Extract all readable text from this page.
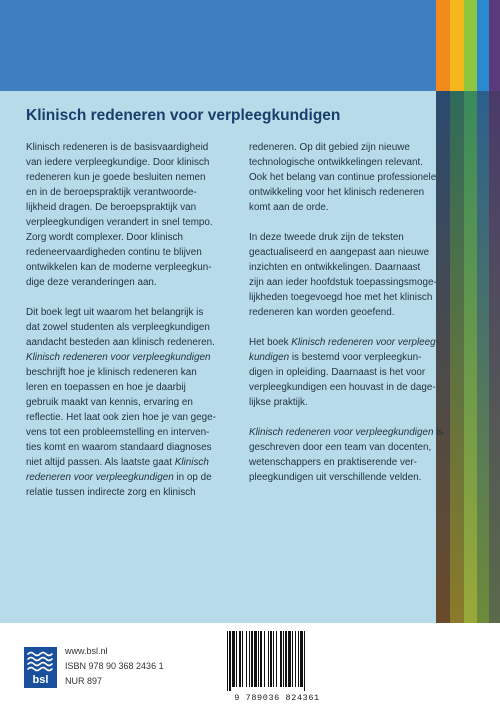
Klinisch redeneren voor verpleegkundigen

Klinisch redeneren is de basisvaardigheid
van iedere verpleegkundige. Door klinisch
redeneren kun je goede besluiten nemen
en in de beroepspraktijk verantwoorde-
lijkheid dragen. De beroepspraktijk van
verpleegkundigen verandert in snel tempo.
Zorg wordt complexer. Door klinisch
redeneervaardigheden continu te blijven
ontwikkelen kan de moderne verpleegkun-
dige deze veranderingen aan.

Dit boek legt uit waarom het belangrijk is
dat zowel studenten als verpleegkundigen
aandacht besteden aan klinisch redeneren.
Klinisch redeneren voor verpleegkundigen
beschrijft hoe je klinisch redeneren kan
leren en toepassen en hoe je daarbij
gebruik maakt van kennis, ervaring en
reflectie. Het laat ook zien hoe je van gege-
vens tot een probleemstelling en interven-
ties komt en waarom standaard diagnoses
niet altijd passen. Als laatste gaat Klinisch
redeneren voor verpleegkundigen in op de
relatie tussen indirecte zorg en klinisch

redeneren. Op dit gebied zijn nieuwe
technologische ontwikkelingen relevant.
Ook het belang van continue professionele
ontwikkeling voor het klinisch redeneren
komt aan de orde.

In deze tweede druk zijn de teksten
geactualiseerd en aangepast aan nieuwe
inzichten en ontwikkelingen. Daarnaast
zijn aan ieder hoofdstuk toepassingsmoge-
lijkheden toegevoegd hoe met het klinisch
redeneren kan worden geoefend.

Het boek Klinisch redeneren voor verpleeg-
kundigen is bestemd voor verpleegkun-
digen in opleiding. Daarnaast is het voor
verpleegkundigen een houvast in de dage-
lijkse praktijk.

Klinisch redeneren voor verpleegkundigen is
geschreven door een team van docenten,
wetenschappers en praktiserende ver-
pleegkundigen uit verschillende velden.

bsl
www.bsl.nl
ISBN 978 90 368 2436 1
NUR 897
9 789036 824361
